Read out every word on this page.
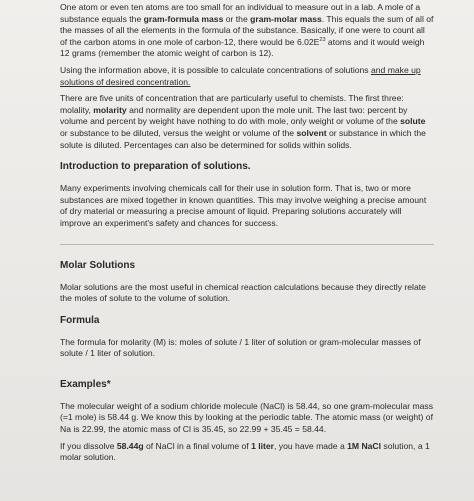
One atom or even ten atoms are too small for an individual to measure out in a lab. A mole of a substance equals the gram-formula mass or the gram-molar mass. This equals the sum of all of the masses of all the elements in the formula of the substance. Basically, if one were to count all of the carbon atoms in one mole of carbon-12, there would be $6.02E^{23}$ atoms and it would weigh 12 grams (remember the atomic weight of carbon is 12).

Using the information above, it is possible to calculate concentrations of solutions and make up solutions of desired concentration.

There are five units of concentration that are particularly useful to chemists. The first three: molality, molarity and normality are dependent upon the mole unit. The last two: percent by volume and percent by weight have nothing to do with mole, only weight or volume of the solute or substance to be diluted, versus the weight or volume of the solvent or substance in which the solute is diluted. Percentages can also be determined for solids within solids.

Introduction to preparation of solutions.

Many experiments involving chemicals call for their use in solution form. That is, two or more substances are mixed together in known quantities. This may involve weighing a precise amount of dry material or measuring a precise amount of liquid. Preparing solutions accurately will improve an experiment's safety and chances for success.

Molar Solutions

Molar solutions are the most useful in chemical reaction calculations because they directly relate the moles of solute to the volume of solution.

Formula

The formula for molarity (M) is: moles of solute / 1 liter of solution or gram-molecular masses of solute / 1 liter of solution.

Examples*

The molecular weight of a sodium chloride molecule (NaCl) is 58.44, so one gram-molecular mass (=1 mole) is 58.44 g. We know this by looking at the periodic table. The atomic mass (or weight) of Na is 22.99, the atomic mass of Cl is 35.45, so 22.99 + 35.45 = 58.44.

If you dissolve 58.44g of NaCl in a final volume of 1 liter, you have made a 1M NaCl solution, a 1 molar solution.
